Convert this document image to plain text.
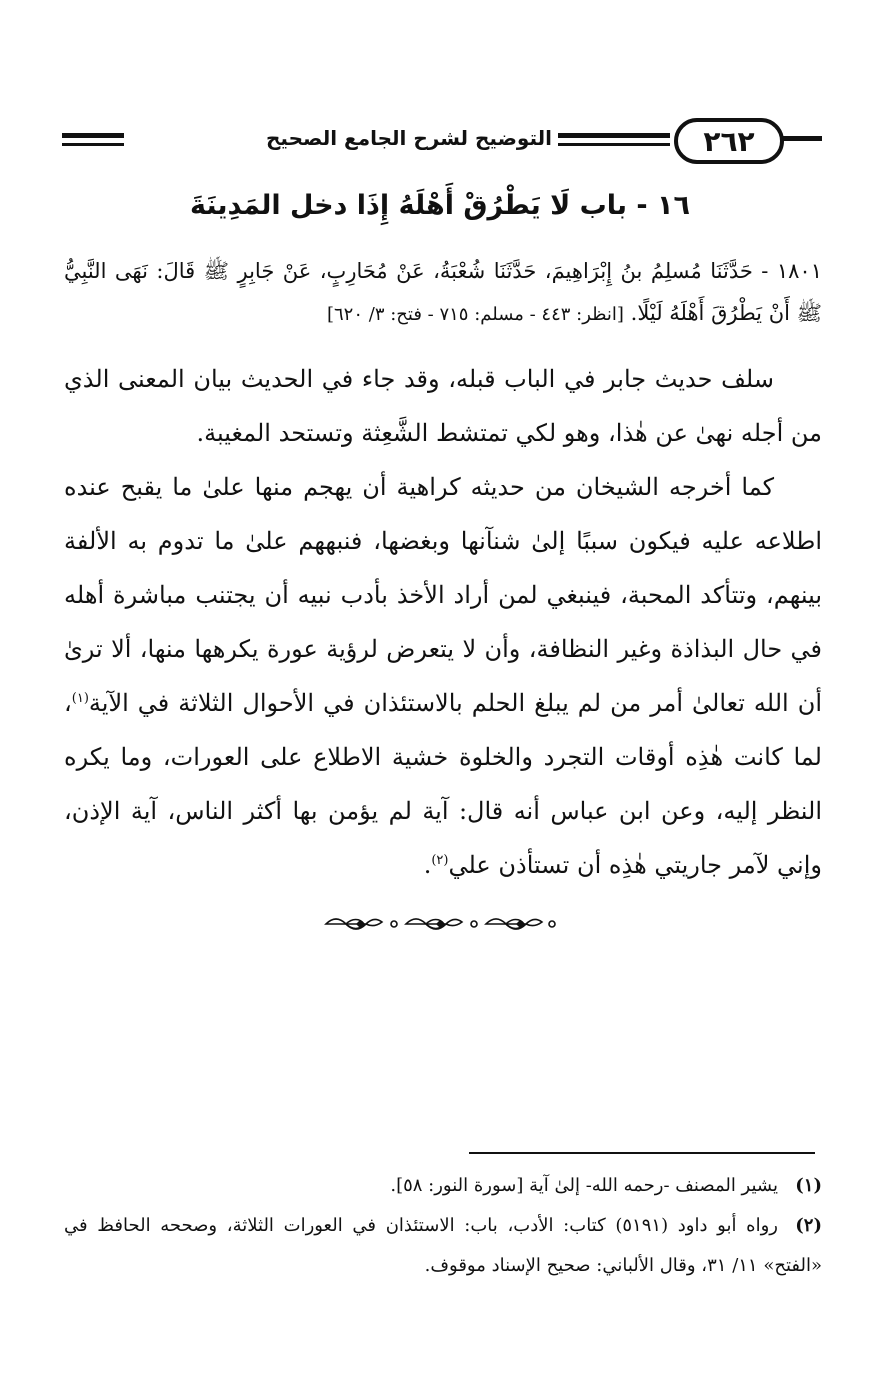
٢٦٢
التوضيح لشرح الجامع الصحيح
١٦ - باب لَا يَطْرُقْ أَهْلَهُ إِذَا دخل المَدِينَةَ

١٨٠١ - حَدَّثَنَا مُسلِمُ بنُ إِبْرَاهِيمَ، حَدَّثَنَا شُعْبَةُ، عَنْ مُحَارِبٍ، عَنْ جَابِرٍ ﷺ قَالَ: نَهَى النَّبِيُّ ﷺ أَنْ يَطْرُقَ أَهْلَهُ لَيْلًا. [انظر: ٤٤٣ - مسلم: ٧١٥ - فتح: ٣/ ٦٢٠]

سلف حديث جابر في الباب قبله، وقد جاء في الحديث بيان المعنى الذي من أجله نهىٰ عن هٰذا، وهو لكي تمتشط الشَّعِثة وتستحد المغيبة.

كما أخرجه الشيخان من حديثه كراهية أن يهجم منها علىٰ ما يقبح عنده اطلاعه عليه فيكون سببًا إلىٰ شنآنها وبغضها، فنبههم علىٰ ما تدوم به الألفة بينهم، وتتأكد المحبة، فينبغي لمن أراد الأخذ بأدب نبيه أن يجتنب مباشرة أهله في حال البذاذة وغير النظافة، وأن لا يتعرض لرؤية عورة يكرهها منها، ألا ترىٰ أن الله تعالىٰ أمر من لم يبلغ الحلم بالاستئذان في الأحوال الثلاثة في الآية$^{(١)}$، لما كانت هٰذِه أوقات التجرد والخلوة خشية الاطلاع على العورات، وما يكره النظر إليه، وعن ابن عباس أنه قال: آية لم يؤمن بها أكثر الناس، آية الإذن، وإني لآمر جاريتي هٰذِه أن تستأذن علي$^{(٢)}$.

(١)يشير المصنف -رحمه الله- إلىٰ آية [سورة النور: ٥٨].

(٢)رواه أبو داود (٥١٩١) كتاب: الأدب، باب: الاستئذان في العورات الثلاثة، وصححه الحافظ في «الفتح» ١١/ ٣١، وقال الألباني: صحيح الإسناد موقوف.
